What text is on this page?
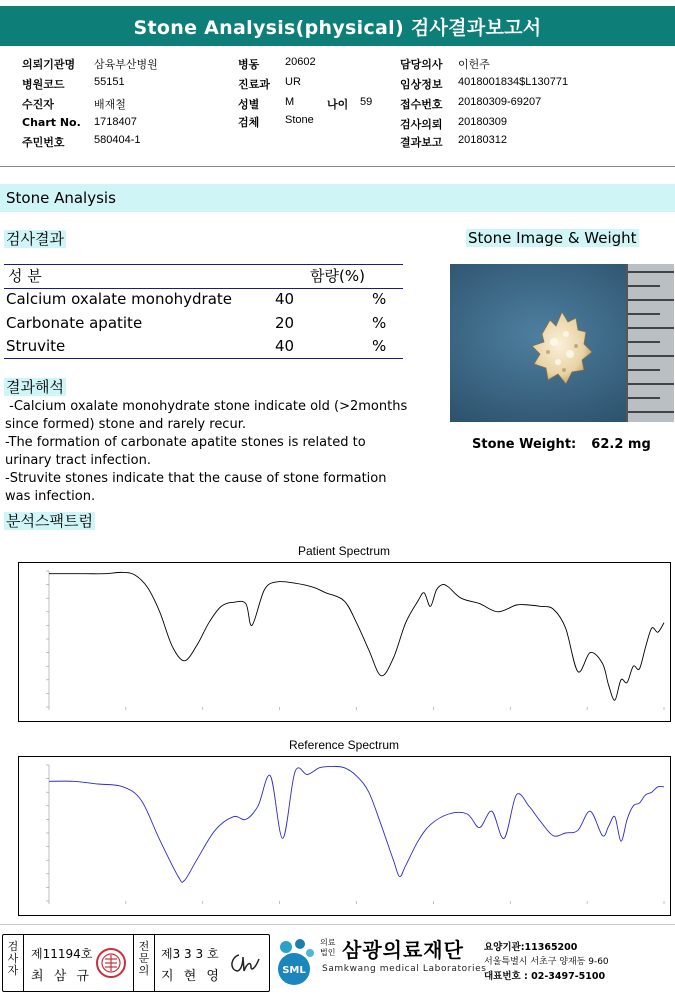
Stone Analysis(physical) 검사결과보고서
의뢰기관명 삼육부산병원
병원코드	55151
수진자	배재철
Chart No. 1718407
주민번호	580404-1
병동 20602
진료과 UR
성별 M	나이 59
검체 Stone
담당의사 이헌주
임상정보 4018001834$L130771
접수번호 20180309-69207
검사의뢰 20180309
결과보고 20180312
Stone Analysis
검사결과
성 분	함량(%)
Calcium oxalate monohydrate	40	%
Carbonate apatite	20	%
Struvite	40	%
Stone Image & Weight
Stone Weight: 62.2 mg
결과해석
-Calcium oxalate monohydrate stone indicate old (>2months
since formed) stone and rarely recur.
-The formation of carbonate apatite stones is related to
urinary tract infection.
-Struvite stones indicate that the cause of stone formation
was infection.
분석스팩트럼
Patient Spectrum
Reference Spectrum
검
사
자
제11194호
최 삼 규
전
문
의
제3 3 3 호
지 현 영	SML
의료 법인 삼광의료재단
Samkwang medical Laboratories
요양기관:11365200
서울특별시 서초구 양재동 9-60
대표번호 : 02-3497-5100
